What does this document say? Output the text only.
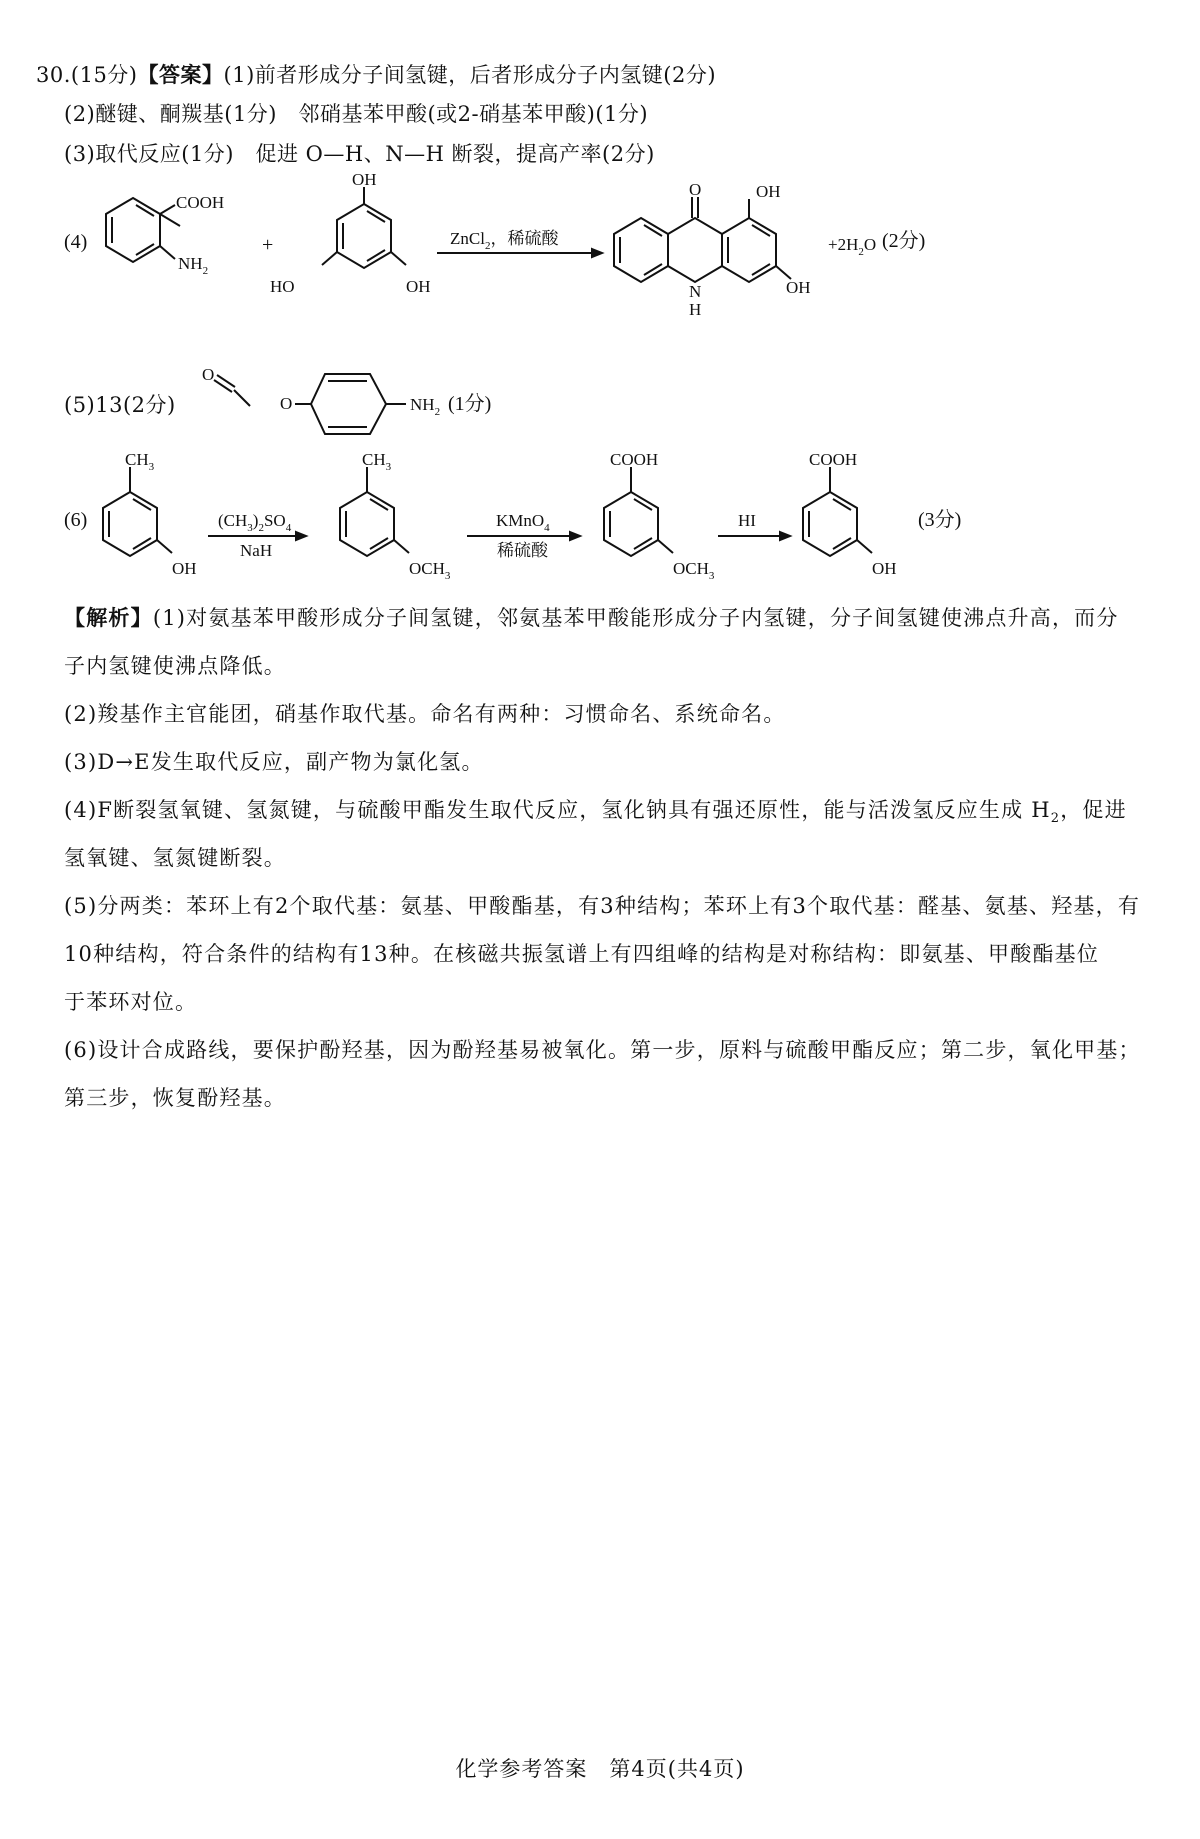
30.(15分)【答案】(1)前者形成分子间氢键，后者形成分子内氢键(2分)
(2)醚键、酮羰基(1分)　邻硝基苯甲酸(或2-硝基苯甲酸)(1分)
(3)取代反应(1分)　促进 O—H、N—H 断裂，提高产率(2分)
(4)
COOH
$NH_2$
+
OH
HO	OH
ZnCl$_2$，稀硫酸
O	OH
N
H
OH
$+2H_2O$ (2分)
(5)13(2分)
O
O	$NH_2$ (1分)
(6)
$CH_3$
OH
$(CH_3)_2SO_4$
NaH
$CH_3$
$OCH_3$
KMnO$_4$
稀硫酸
COOH
$OCH_3$
HI
COOH
OH
(3分)
【解析】(1)对氨基苯甲酸形成分子间氢键，邻氨基苯甲酸能形成分子内氢键，分子间氢键使沸点升高，而分
子内氢键使沸点降低。
(2)羧基作主官能团，硝基作取代基。命名有两种：习惯命名、系统命名。
(3)D→E发生取代反应，副产物为氯化氢。
(4)F断裂氢氧键、氢氮键，与硫酸甲酯发生取代反应，氢化钠具有强还原性，能与活泼氢反应生成 $H_2$，促进
氢氧键、氢氮键断裂。
(5)分两类：苯环上有2个取代基：氨基、甲酸酯基，有3种结构；苯环上有3个取代基：醛基、氨基、羟基，有
10种结构，符合条件的结构有13种。在核磁共振氢谱上有四组峰的结构是对称结构：即氨基、甲酸酯基位
于苯环对位。
(6)设计合成路线，要保护酚羟基，因为酚羟基易被氧化。第一步，原料与硫酸甲酯反应；第二步，氧化甲基；
第三步，恢复酚羟基。
化学参考答案　第4页(共4页)
